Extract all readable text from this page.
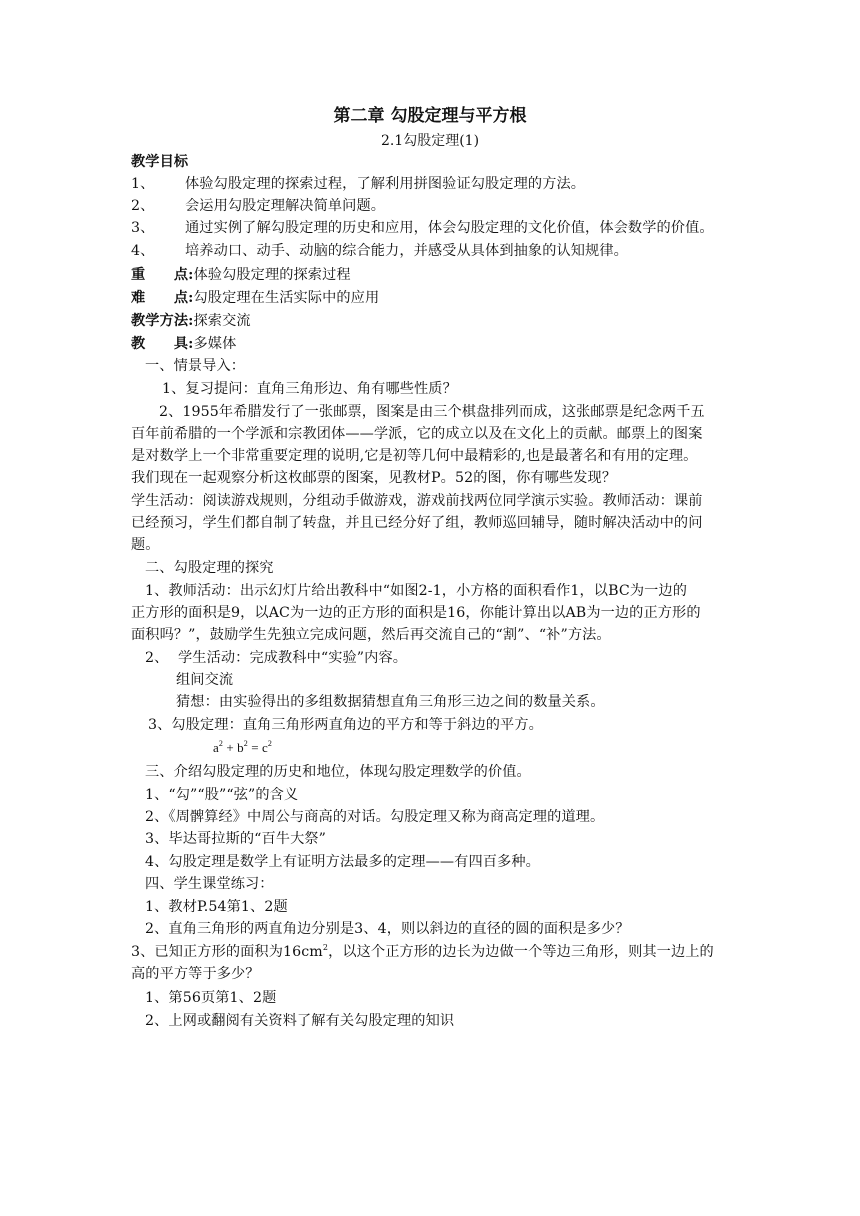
第二章 勾股定理与平方根
2.1勾股定理(1)
教学目标
1、 体验勾股定理的探索过程，了解利用拼图验证勾股定理的方法。
2、 会运用勾股定理解决简单问题。
3、 通过实例了解勾股定理的历史和应用，体会勾股定理的文化价值，体会数学的价值。
4、 培养动口、动手、动脑的综合能力，并感受从具体到抽象的认知规律。
重　　点:体验勾股定理的探索过程
难　　点:勾股定理在生活实际中的应用
教学方法:探索交流
教　　具:多媒体
一、情景导入：
1、复习提问：直角三角形边、角有哪些性质？
2、1955年希腊发行了一张邮票，图案是由三个棋盘排列而成，这张邮票是纪念两千五
百年前希腊的一个学派和宗教团体——学派，它的成立以及在文化上的贡献。邮票上的图案
是对数学上一个非常重要定理的说明,它是初等几何中最精彩的,也是最著名和有用的定理。
我们现在一起观察分析这枚邮票的图案，见教材P。52的图，你有哪些发现？
学生活动：阅读游戏规则，分组动手做游戏，游戏前找两位同学演示实验。教师活动：课前
已经预习，学生们都自制了转盘，并且已经分好了组，教师巡回辅导，随时解决活动中的问
题。
二、勾股定理的探究
1、教师活动：出示幻灯片给出教科中“如图2-1，小方格的面积看作1，以BC为一边的
正方形的面积是9，以AC为一边的正方形的面积是16，你能计算出以AB为一边的正方形的
面积吗？”，鼓励学生先独立完成问题，然后再交流自己的“割”、“补”方法。
2、 学生活动：完成教科中“实验”内容。
组间交流
猜想：由实验得出的多组数据猜想直角三角形三边之间的数量关系。
3、勾股定理：直角三角形两直角边的平方和等于斜边的平方。
$a^2 + b^2 = c^2$
三、介绍勾股定理的历史和地位，体现勾股定理数学的价值。
1、“勾”“股”“弦”的含义
2、《周髀算经》中周公与商高的对话。勾股定理又称为商高定理的道理。
3、毕达哥拉斯的“百牛大祭”
4、勾股定理是数学上有证明方法最多的定理——有四百多种。
四、学生课堂练习：
1、教材P.54第1、2题
2、直角三角形的两直角边分别是3、4，则以斜边的直径的圆的面积是多少？
3、已知正方形的面积为$16cm^2$，以这个正方形的边长为边做一个等边三角形，则其一边上的
高的平方等于多少？
1、第56页第1、2题
2、上网或翻阅有关资料了解有关勾股定理的知识
